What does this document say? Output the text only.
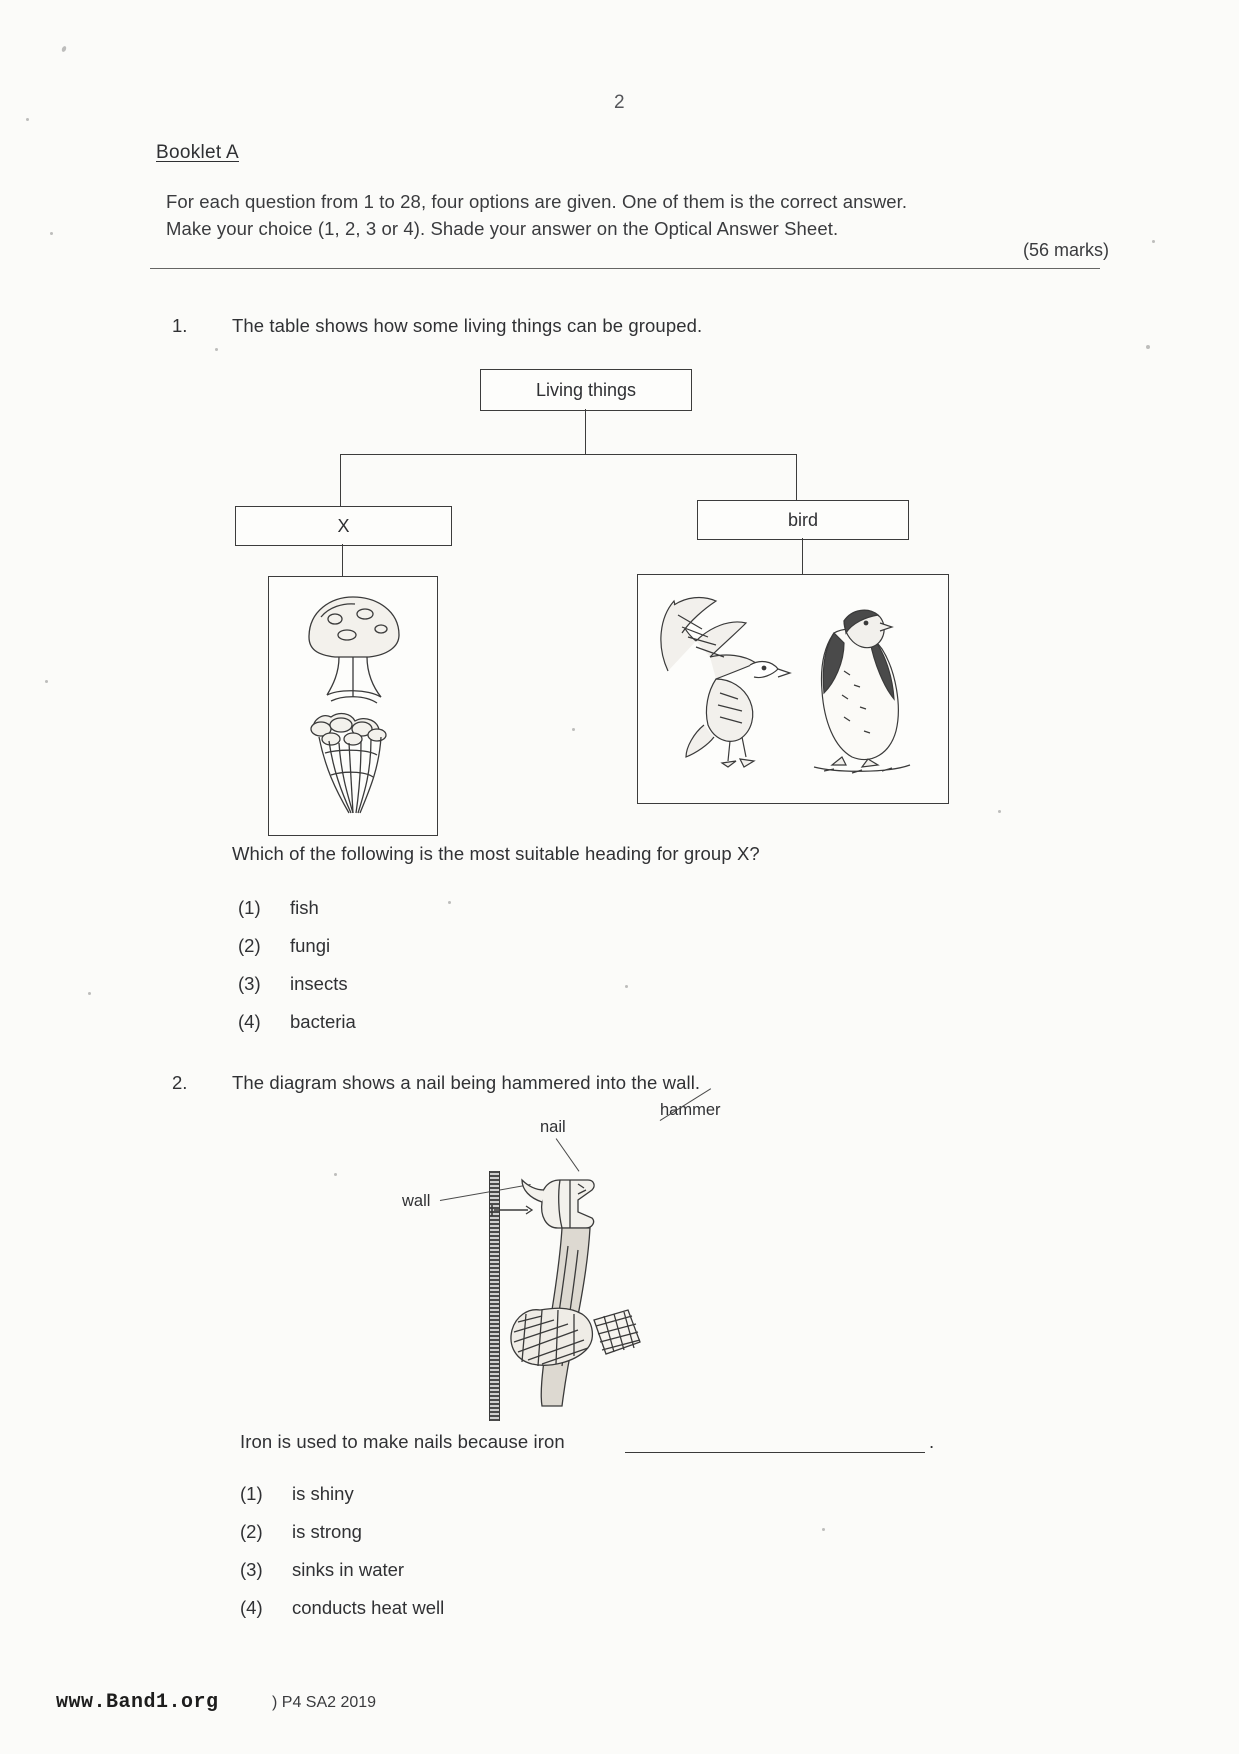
2
Booklet A
For each question from 1 to 28, four options are given. One of them is the correct answer.
Make your choice (1, 2, 3 or 4). Shade your answer on the Optical Answer Sheet.
(56 marks)
1. The table shows how some living things can be grouped.
Living things
X	bird
Which of the following is the most suitable heading for group X?
(1) fish
(2) fungi
(3) insects
(4) bacteria
2. The diagram shows a nail being hammered into the wall.
nail
hammer
wall
Iron is used to make nails because iron	.
(1) is shiny
(2) is strong
(3) sinks in water
(4) conducts heat well
www.Band1.org	) P4 SA2 2019
